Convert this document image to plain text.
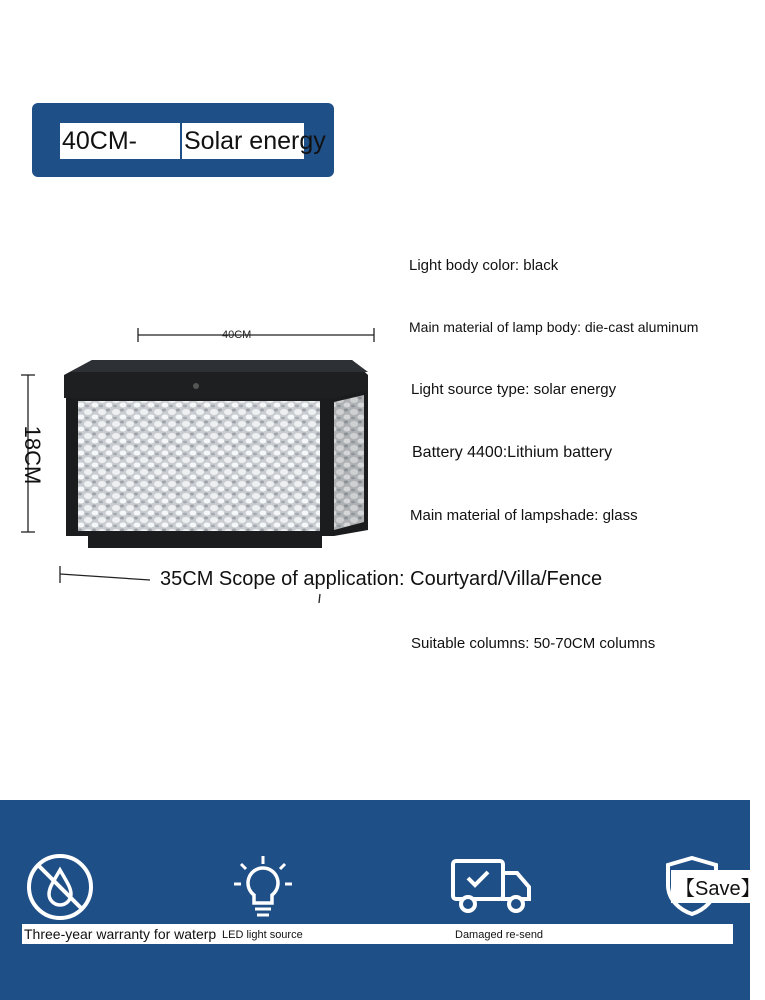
40CM-	Solar energy
40CM
18CM
Light body color: black
Main material of lamp body: die-cast aluminum
Light source type: solar energy
Battery 4400:Lithium battery
Main material of lampshade: glass
Suitable columns: 50-70CM columns
35CM Scope of application: Courtyard/Villa/Fence
【Save】
Three-year warranty for waterp LED light source	Damaged re-send
